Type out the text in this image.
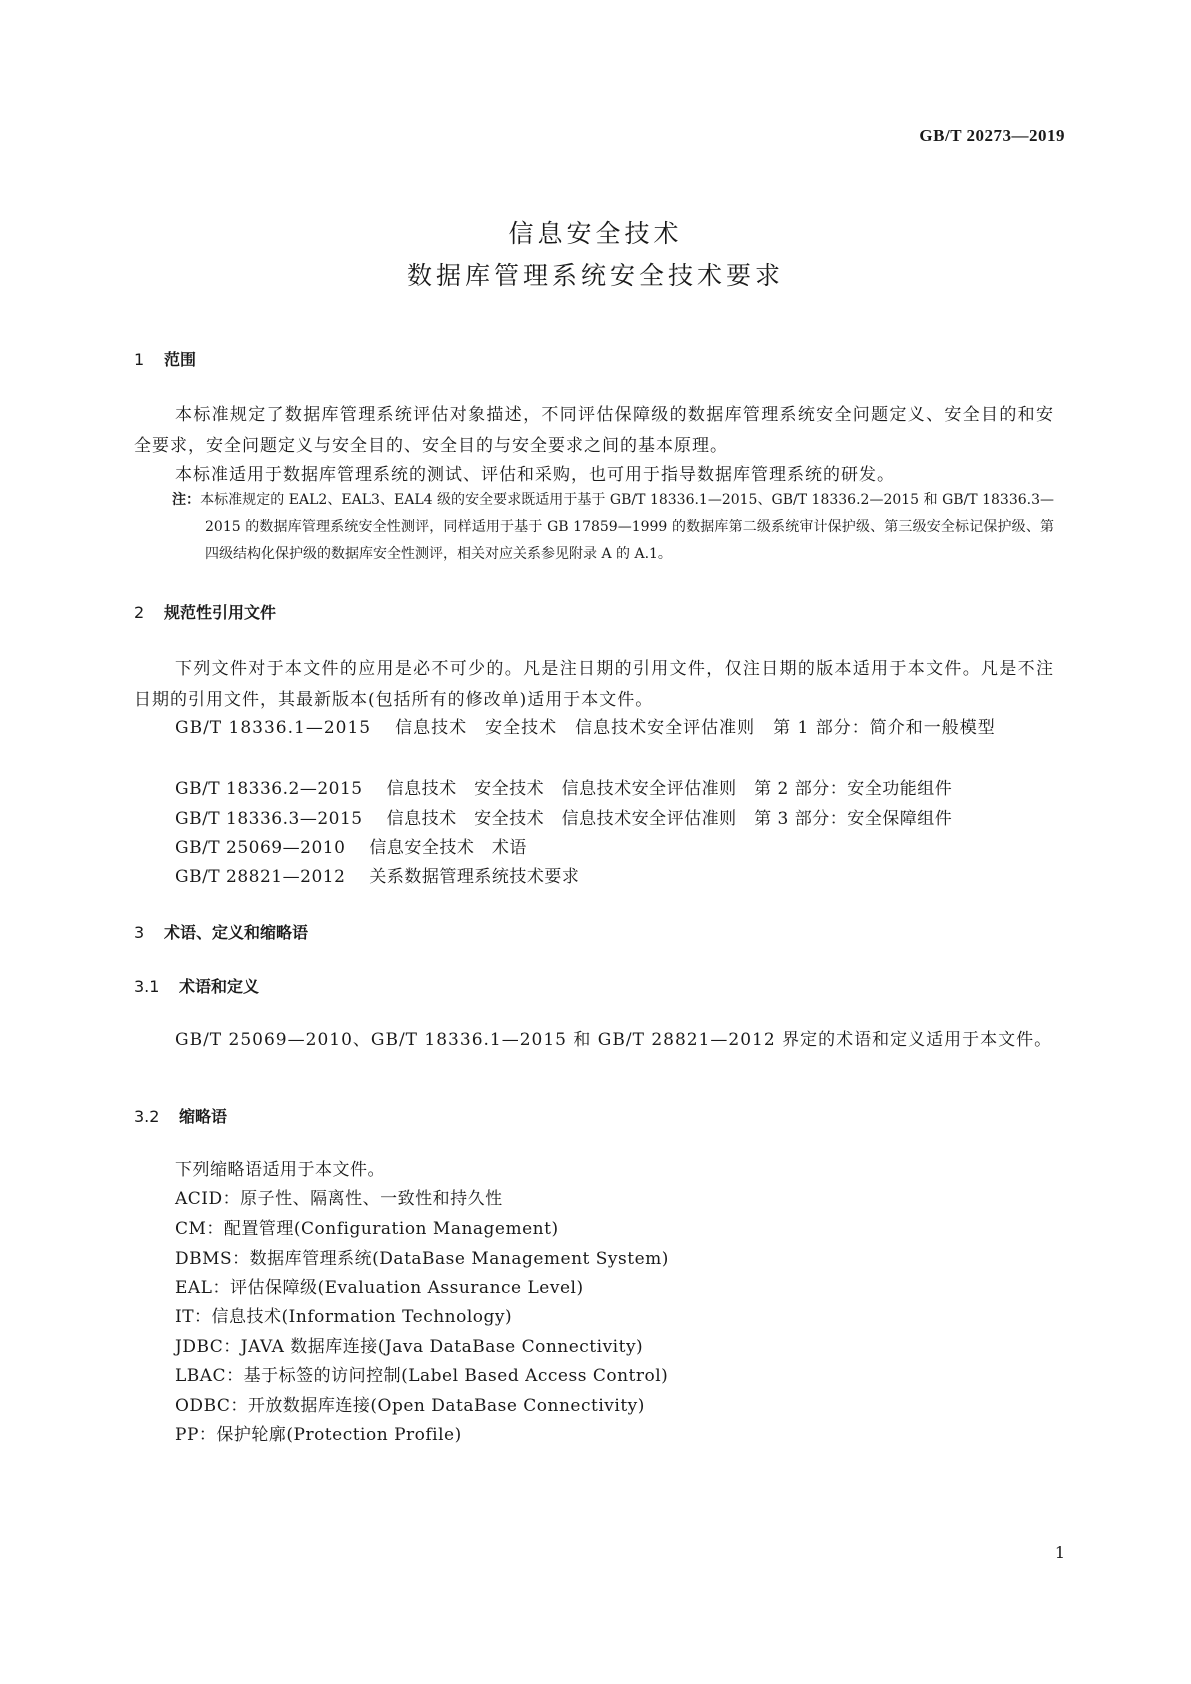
GB/T 20273—2019
信息安全技术
数据库管理系统安全技术要求
1 范围
本标准规定了数据库管理系统评估对象描述，不同评估保障级的数据库管理系统安全问题定义、安全目的和安全要求，安全问题定义与安全目的、安全目的与安全要求之间的基本原理。
本标准适用于数据库管理系统的测试、评估和采购，也可用于指导数据库管理系统的研发。
注：本标准规定的 EAL2、EAL3、EAL4 级的安全要求既适用于基于 GB/T 18336.1—2015、GB/T 18336.2—2015 和 GB/T 18336.3—2015 的数据库管理系统安全性测评，同样适用于基于 GB 17859—1999 的数据库第二级系统审计保护级、第三级安全标记保护级、第四级结构化保护级的数据库安全性测评，相关对应关系参见附录 A 的 A.1。
2 规范性引用文件
下列文件对于本文件的应用是必不可少的。凡是注日期的引用文件，仅注日期的版本适用于本文件。凡是不注日期的引用文件，其最新版本(包括所有的修改单)适用于本文件。
GB/T 18336.1—2015 信息技术　安全技术　信息技术安全评估准则　第 1 部分：简介和一般模型
GB/T 18336.2—2015 信息技术　安全技术　信息技术安全评估准则　第 2 部分：安全功能组件
GB/T 18336.3—2015 信息技术　安全技术　信息技术安全评估准则　第 3 部分：安全保障组件
GB/T 25069—2010 信息安全技术　术语
GB/T 28821—2012 关系数据管理系统技术要求
3 术语、定义和缩略语
3.1 术语和定义
GB/T 25069—2010、GB/T 18336.1—2015 和 GB/T 28821—2012 界定的术语和定义适用于本文件。
3.2 缩略语
下列缩略语适用于本文件。
ACID：原子性、隔离性、一致性和持久性
CM：配置管理(Configuration Management)
DBMS：数据库管理系统(DataBase Management System)
EAL：评估保障级(Evaluation Assurance Level)
IT：信息技术(Information Technology)
JDBC：JAVA 数据库连接(Java DataBase Connectivity)
LBAC：基于标签的访问控制(Label Based Access Control)
ODBC：开放数据库连接(Open DataBase Connectivity)
PP：保护轮廓(Protection Profile)
1
